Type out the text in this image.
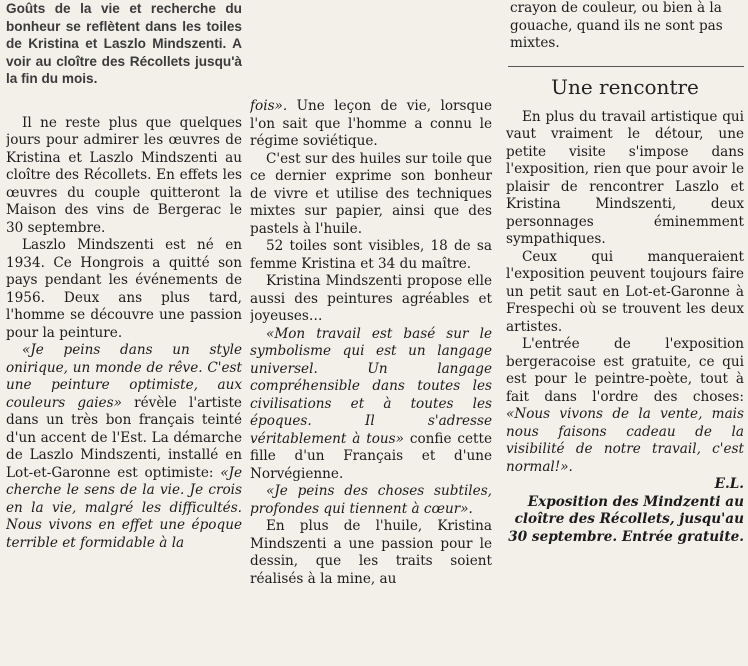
Goûts de la vie et recherche du bonheur se reflètent dans les toiles de Kristina et Laszlo Mindszenti. A voir au cloître des Récollets jusqu'à la fin du mois.

Il ne reste plus que quelques jours pour admirer les œuvres de Kristina et Laszlo Mindszenti au cloître des Récollets. En effets les œuvres du couple quitteront la Maison des vins de Bergerac le 30 septembre.

Laszlo Mindszenti est né en 1934. Ce Hongrois a quitté son pays pendant les événements de 1956. Deux ans plus tard, l'homme se découvre une passion pour la peinture.

«Je peins dans un style onirique, un monde de rêve. C'est une peinture optimiste, aux couleurs gaies» révèle l'artiste dans un très bon français teinté d'un accent de l'Est. La démarche de Laszlo Mindszenti, installé en Lot-et-Garonne est optimiste: «Je cherche le sens de la vie. Je crois en la vie, malgré les difficultés. Nous vivons en effet une époque terrible et formidable à la

fois». Une leçon de vie, lorsque l'on sait que l'homme a connu le régime soviétique.

C'est sur des huiles sur toile que ce dernier exprime son bonheur de vivre et utilise des techniques mixtes sur papier, ainsi que des pastels à l'huile.

52 toiles sont visibles, 18 de sa femme Kristina et 34 du maître.

Kristina Mindszenti propose elle aussi des peintures agréables et joyeuses…

«Mon travail est basé sur le symbolisme qui est un langage universel. Un langage compréhensible dans toutes les civilisations et à toutes les époques. Il s'adresse véritablement à tous» confie cette fille d'un Français et d'une Norvégienne.

«Je peins des choses subtiles, profondes qui tiennent à cœur».

En plus de l'huile, Kristina Mindszenti a une passion pour le dessin, que les traits soient réalisés à la mine, au

crayon de couleur, ou bien à la gouache, quand ils ne sont pas mixtes.

Une rencontre

En plus du travail artistique qui vaut vraiment le détour, une petite visite s'impose dans l'exposition, rien que pour avoir le plaisir de rencontrer Laszlo et Kristina Mindszenti, deux personnages éminemment sympathiques.

Ceux qui manqueraient l'exposition peuvent toujours faire un petit saut en Lot-et-Garonne à Frespechi où se trouvent les deux artistes.

L'entrée de l'exposition bergeracoise est gratuite, ce qui est pour le peintre-poète, tout à fait dans l'ordre des choses: «Nous vivons de la vente, mais nous faisons cadeau de la visibilité de notre travail, c'est normal!».

E.L.

Exposition des Mindzenti au cloître des Récollets, jusqu'au 30 septembre. Entrée gratuite.
